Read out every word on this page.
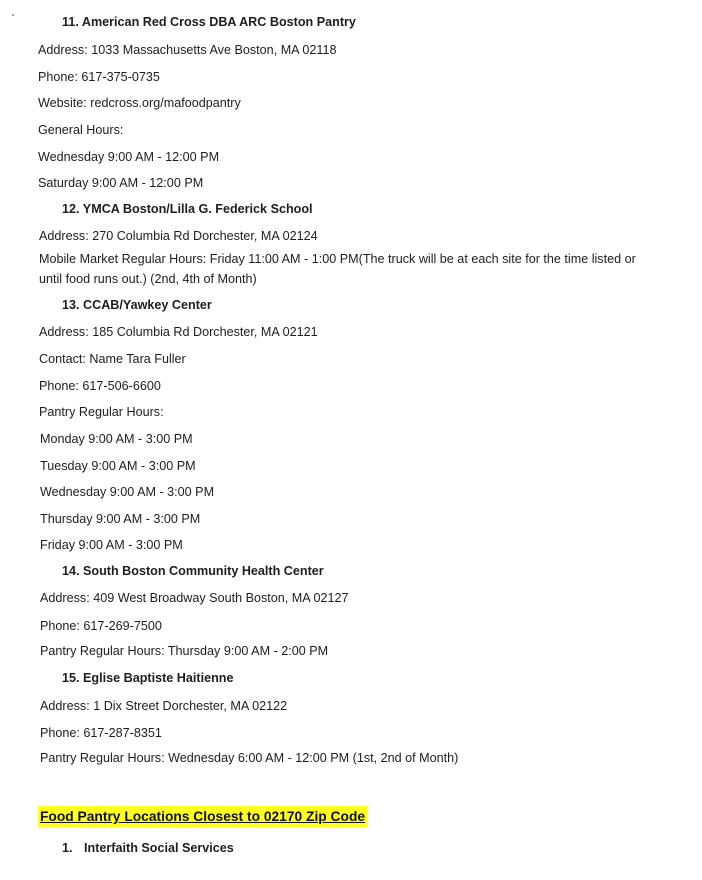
11. American Red Cross DBA ARC Boston Pantry
Address: 1033 Massachusetts Ave Boston, MA 02118
Phone: 617-375-0735
Website: redcross.org/mafoodpantry
General Hours:
Wednesday 9:00 AM - 12:00 PM
Saturday 9:00 AM - 12:00 PM
12. YMCA Boston/Lilla G. Federick School
Address: 270 Columbia Rd Dorchester, MA 02124
Mobile Market Regular Hours: Friday 11:00 AM - 1:00 PM(The truck will be at each site for the time listed or until food runs out.) (2nd, 4th of Month)
13. CCAB/Yawkey Center
Address: 185 Columbia Rd Dorchester, MA 02121
Contact: Name Tara Fuller
Phone: 617-506-6600
Pantry Regular Hours:
Monday 9:00 AM - 3:00 PM
Tuesday 9:00 AM - 3:00 PM
Wednesday 9:00 AM - 3:00 PM
Thursday 9:00 AM - 3:00 PM
Friday 9:00 AM - 3:00 PM
14. South Boston Community Health Center
Address: 409 West Broadway South Boston, MA 02127
Phone: 617-269-7500
Pantry Regular Hours: Thursday 9:00 AM - 2:00 PM
15. Eglise Baptiste Haitienne
Address: 1 Dix Street Dorchester, MA 02122
Phone: 617-287-8351
Pantry Regular Hours: Wednesday 6:00 AM - 12:00 PM (1st, 2nd of Month)
Food Pantry Locations Closest to 02170 Zip Code
1. Interfaith Social Services
